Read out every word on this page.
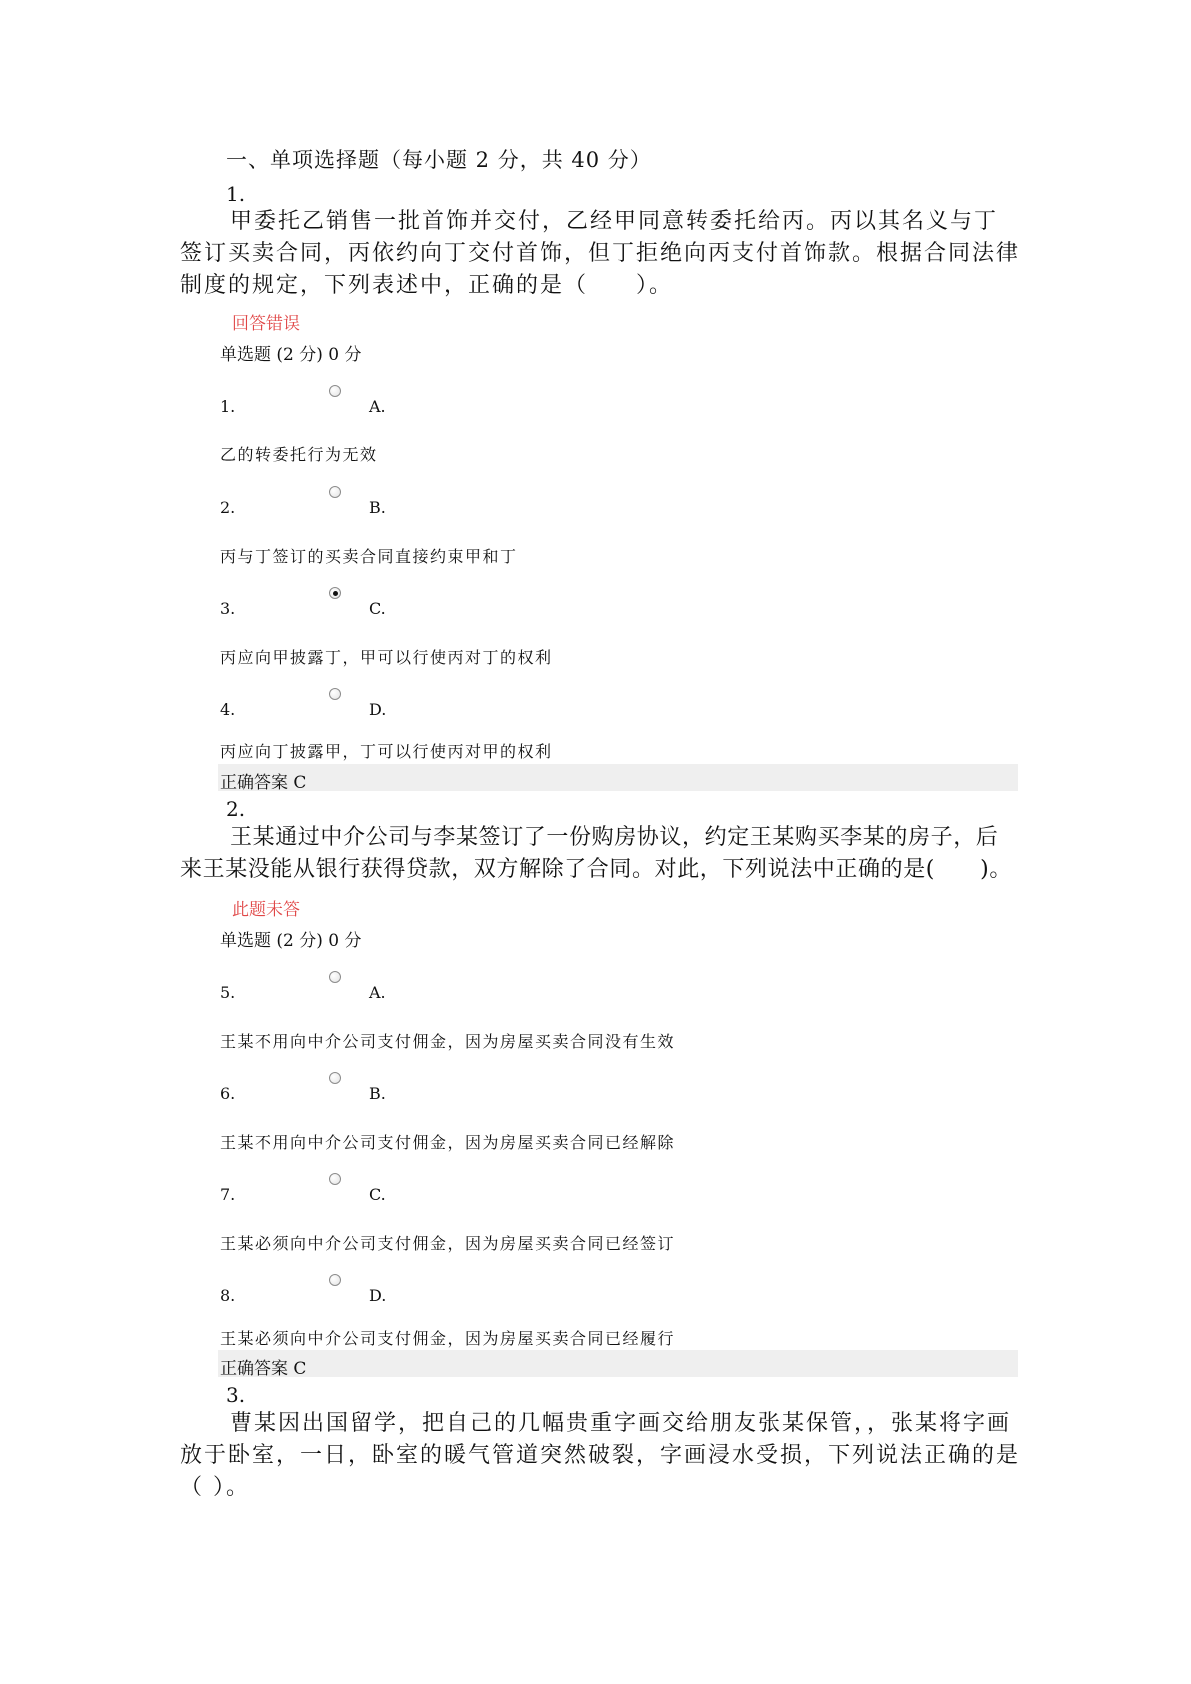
一、单项选择题（每小题 2 分，共 40 分）
1.
甲委托乙销售一批首饰并交付，乙经甲同意转委托给丙。丙以其名义与丁签订买卖合同，丙依约向丁交付首饰，但丁拒绝向丙支付首饰款。根据合同法律制度的规定，下列表述中，正确的是（　　）。
回答错误
单选题 (2 分) 0 分
1.	A.
乙的转委托行为无效
2.	B.
丙与丁签订的买卖合同直接约束甲和丁
3.	C.
丙应向甲披露丁，甲可以行使丙对丁的权利
4.	D.
丙应向丁披露甲，丁可以行使丙对甲的权利
正确答案 C
2.
王某通过中介公司与李某签订了一份购房协议，约定王某购买李某的房子，后来王某没能从银行获得贷款，双方解除了合同。对此，下列说法中正确的是(　　)。
此题未答
单选题 (2 分) 0 分
5.	A.
王某不用向中介公司支付佣金，因为房屋买卖合同没有生效
6.	B.
王某不用向中介公司支付佣金，因为房屋买卖合同已经解除
7.	C.
王某必须向中介公司支付佣金，因为房屋买卖合同已经签订
8.	D.
王某必须向中介公司支付佣金，因为房屋买卖合同已经履行
正确答案 C
3.
曹某因出国留学，把自己的几幅贵重字画交给朋友张某保管，，张某将字画放于卧室，一日，卧室的暖气管道突然破裂，字画浸水受损，下列说法正确的是（ ）。
